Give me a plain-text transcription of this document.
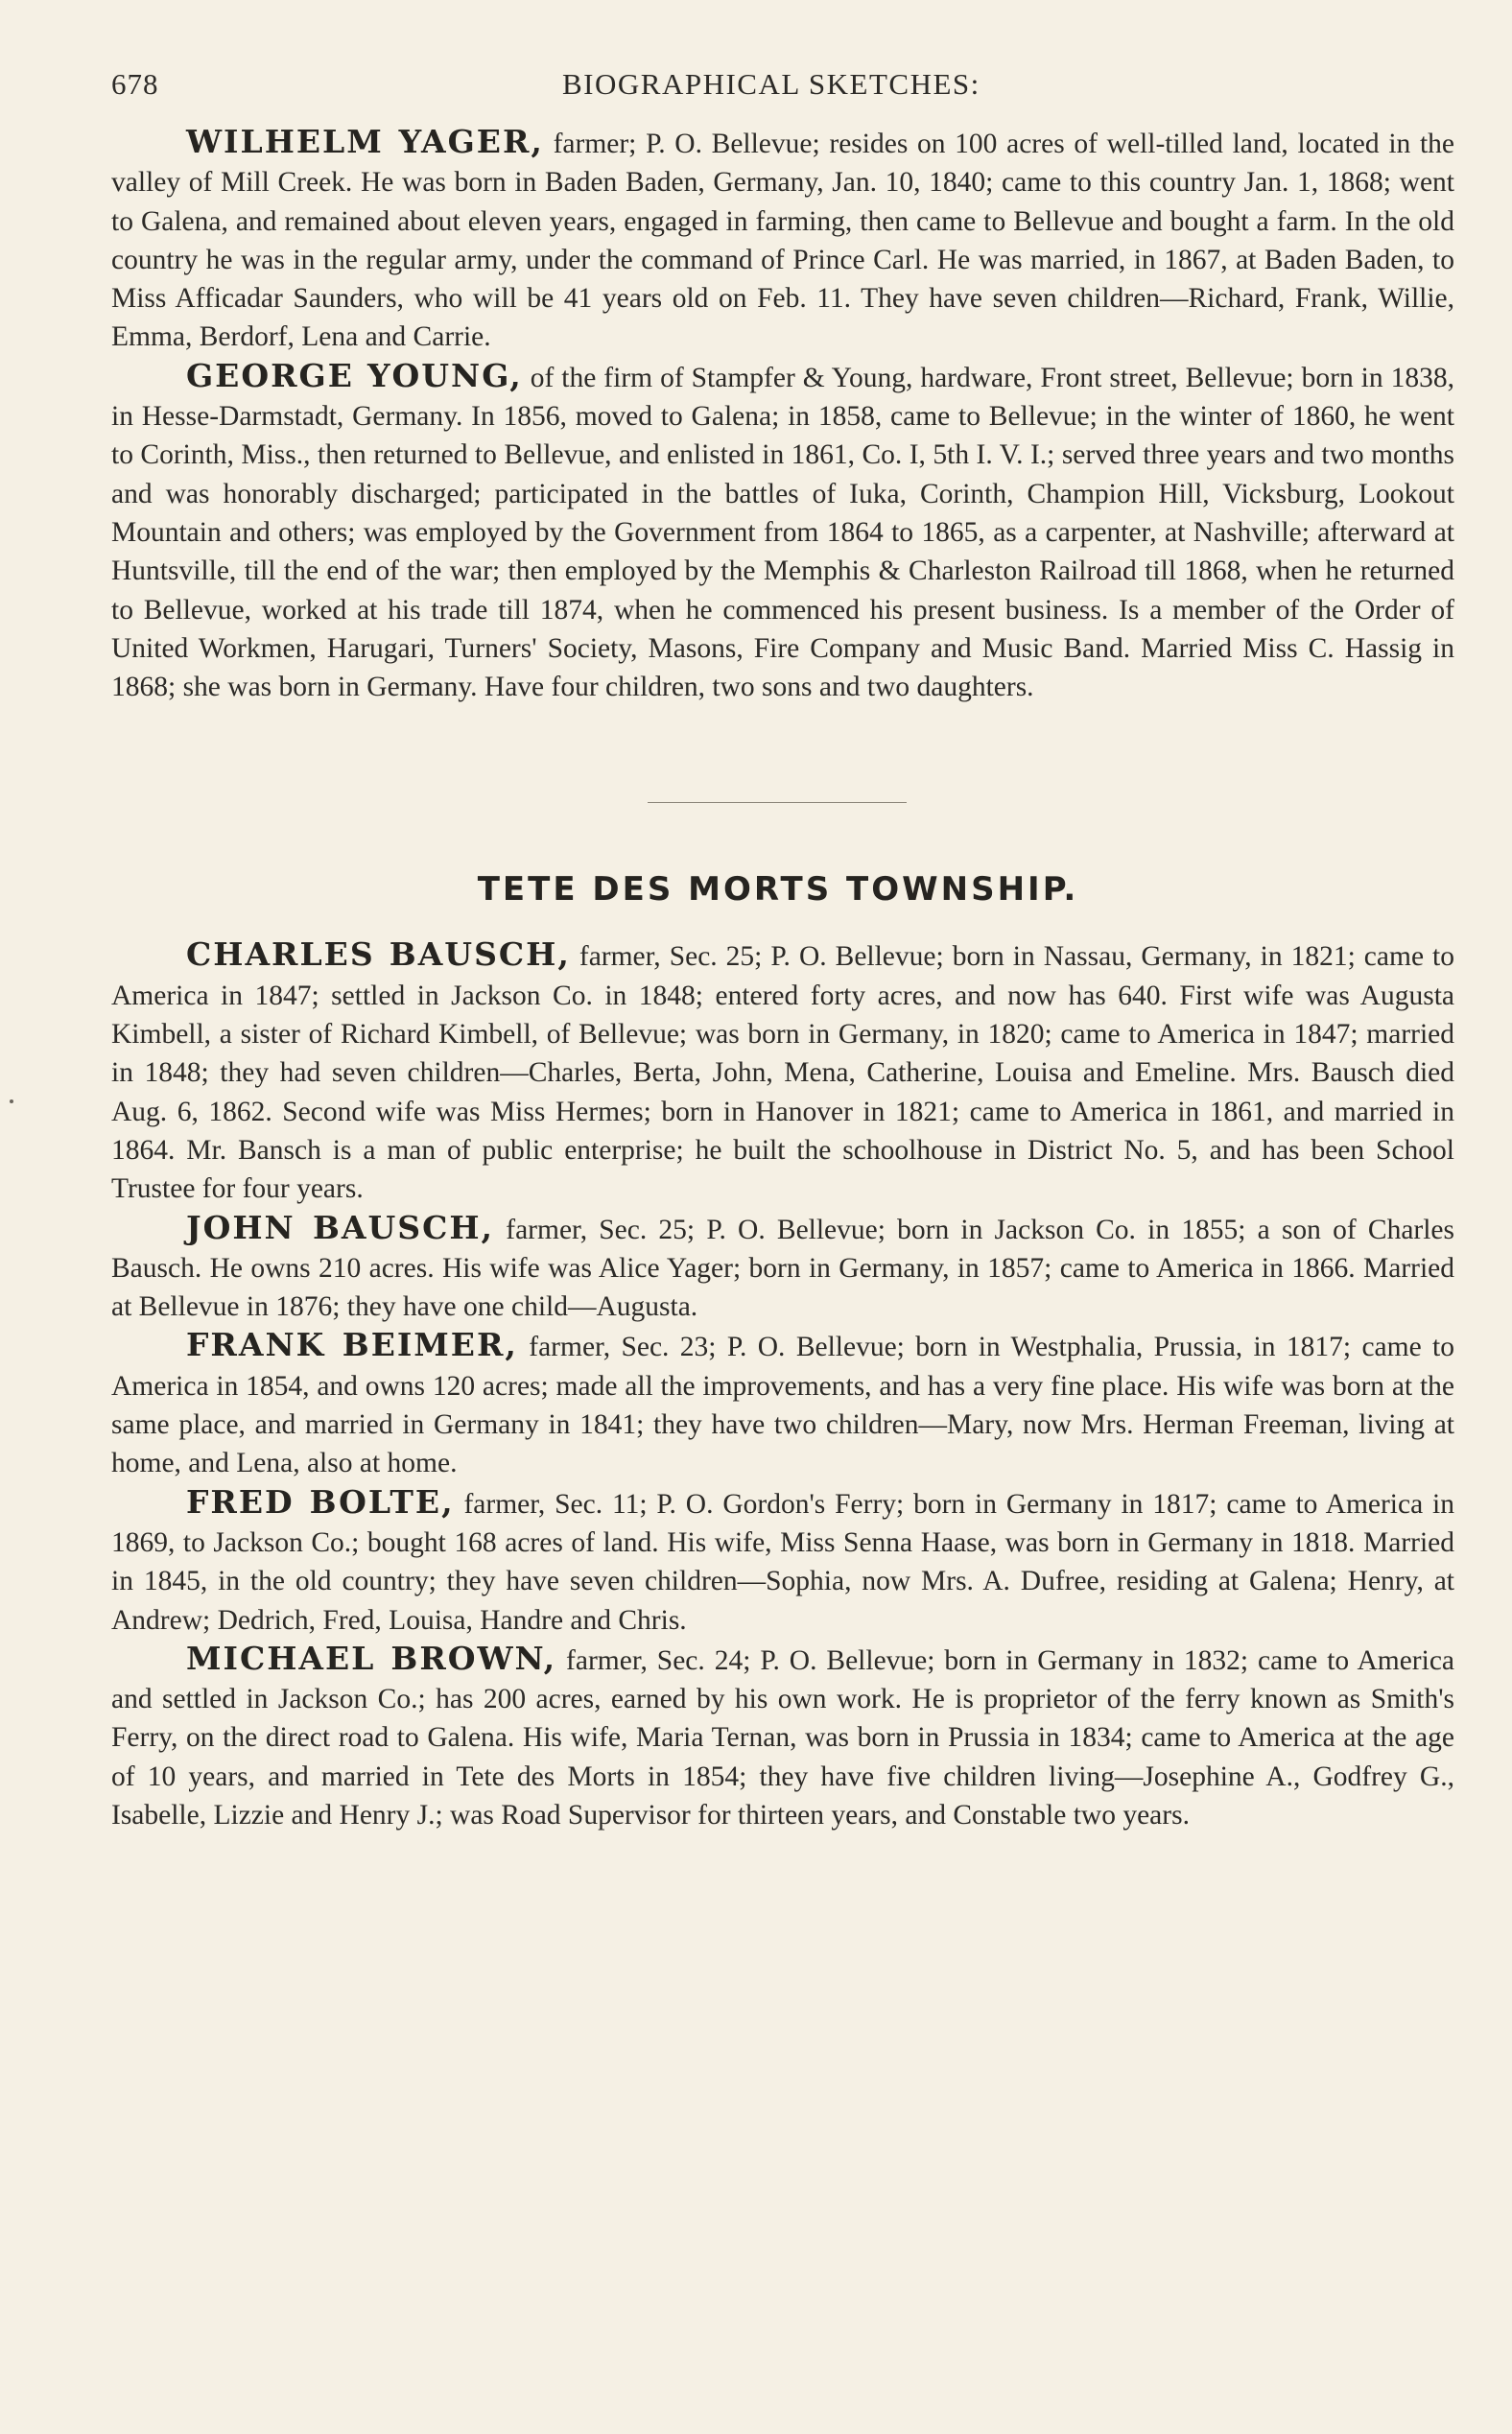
678	BIOGRAPHICAL SKETCHES:

WILHELM YAGER, farmer; P. O. Bellevue; resides on 100 acres of well-tilled land, located in the valley of Mill Creek. He was born in Baden Baden, Germany, Jan. 10, 1840; came to this country Jan. 1, 1868; went to Galena, and remained about eleven years, engaged in farming, then came to Bellevue and bought a farm. In the old country he was in the regular army, under the command of Prince Carl. He was married, in 1867, at Baden Baden, to Miss Afficadar Saunders, who will be 41 years old on Feb. 11. They have seven children—Richard, Frank, Willie, Emma, Berdorf, Lena and Carrie.

GEORGE YOUNG, of the firm of Stampfer & Young, hardware, Front street, Bellevue; born in 1838, in Hesse-Darmstadt, Germany. In 1856, moved to Galena; in 1858, came to Bellevue; in the winter of 1860, he went to Corinth, Miss., then returned to Bellevue, and enlisted in 1861, Co. I, 5th I. V. I.; served three years and two months and was honorably discharged; participated in the battles of Iuka, Corinth, Champion Hill, Vicksburg, Lookout Mountain and others; was employed by the Government from 1864 to 1865, as a carpenter, at Nashville; afterward at Huntsville, till the end of the war; then employed by the Memphis & Charleston Railroad till 1868, when he returned to Bellevue, worked at his trade till 1874, when he commenced his present business. Is a member of the Order of United Workmen, Harugari, Turners' Society, Masons, Fire Company and Music Band. Married Miss C. Hassig in 1868; she was born in Germany. Have four children, two sons and two daughters.

TETE DES MORTS TOWNSHIP.

CHARLES BAUSCH, farmer, Sec. 25; P. O. Bellevue; born in Nassau, Germany, in 1821; came to America in 1847; settled in Jackson Co. in 1848; entered forty acres, and now has 640. First wife was Augusta Kimbell, a sister of Richard Kimbell, of Bellevue; was born in Germany, in 1820; came to America in 1847; married in 1848; they had seven children—Charles, Berta, John, Mena, Catherine, Louisa and Emeline. Mrs. Bausch died Aug. 6, 1862. Second wife was Miss Hermes; born in Hanover in 1821; came to America in 1861, and married in 1864. Mr. Bansch is a man of public enterprise; he built the schoolhouse in District No. 5, and has been School Trustee for four years.

JOHN BAUSCH, farmer, Sec. 25; P. O. Bellevue; born in Jackson Co. in 1855; a son of Charles Bausch. He owns 210 acres. His wife was Alice Yager; born in Germany, in 1857; came to America in 1866. Married at Bellevue in 1876; they have one child—Augusta.

FRANK BEIMER, farmer, Sec. 23; P. O. Bellevue; born in Westphalia, Prussia, in 1817; came to America in 1854, and owns 120 acres; made all the improvements, and has a very fine place. His wife was born at the same place, and married in Germany in 1841; they have two children—Mary, now Mrs. Herman Freeman, living at home, and Lena, also at home.

FRED BOLTE, farmer, Sec. 11; P. O. Gordon's Ferry; born in Germany in 1817; came to America in 1869, to Jackson Co.; bought 168 acres of land. His wife, Miss Senna Haase, was born in Germany in 1818. Married in 1845, in the old country; they have seven children—Sophia, now Mrs. A. Dufree, residing at Galena; Henry, at Andrew; Dedrich, Fred, Louisa, Handre and Chris.

MICHAEL BROWN, farmer, Sec. 24; P. O. Bellevue; born in Germany in 1832; came to America and settled in Jackson Co.; has 200 acres, earned by his own work. He is proprietor of the ferry known as Smith's Ferry, on the direct road to Galena. His wife, Maria Ternan, was born in Prussia in 1834; came to America at the age of 10 years, and married in Tete des Morts in 1854; they have five children living—Josephine A., Godfrey G., Isabelle, Lizzie and Henry J.; was Road Supervisor for thirteen years, and Constable two years.
